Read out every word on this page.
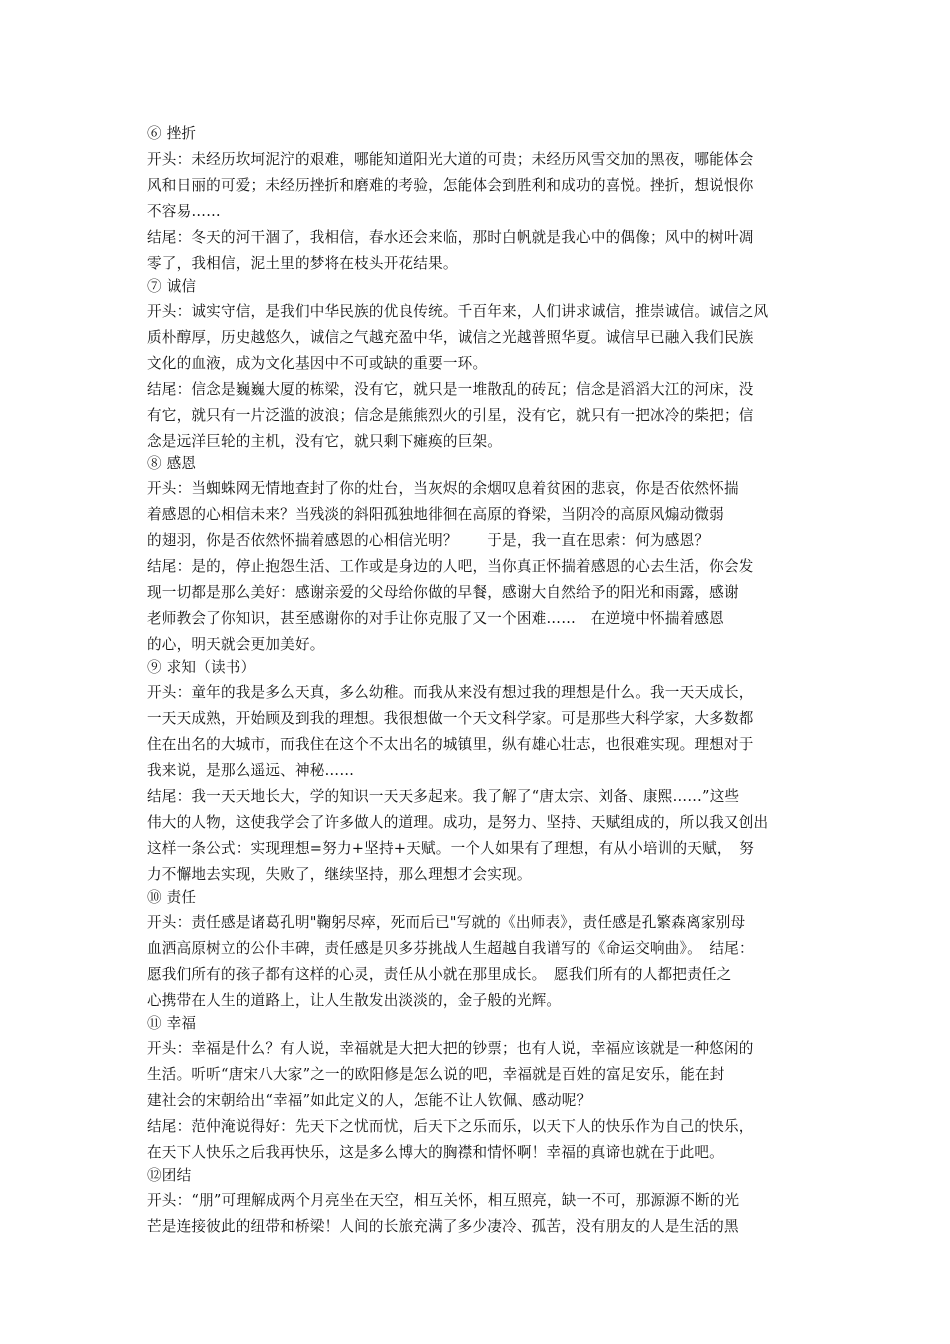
⑥ 挫折
开头：未经历坎坷泥泞的艰难，哪能知道阳光大道的可贵；未经历风雪交加的黑夜，哪能体会
风和日丽的可爱；未经历挫折和磨难的考验，怎能体会到胜利和成功的喜悦。挫折，想说恨你
不容易……
结尾：冬天的河干涸了，我相信，春水还会来临，那时白帆就是我心中的偶像；风中的树叶凋
零了，我相信，泥土里的梦将在枝头开花结果。
⑦ 诚信
开头：诚实守信，是我们中华民族的优良传统。千百年来，人们讲求诚信，推崇诚信。诚信之风
质朴醇厚，历史越悠久，诚信之气越充盈中华，诚信之光越普照华夏。诚信早已融入我们民族
文化的血液，成为文化基因中不可或缺的重要一环。
结尾：信念是巍巍大厦的栋梁，没有它，就只是一堆散乱的砖瓦；信念是滔滔大江的河床，没
有它，就只有一片泛滥的波浪；信念是熊熊烈火的引星，没有它，就只有一把冰冷的柴把；信
念是远洋巨轮的主机，没有它，就只剩下瘫痪的巨架。
⑧ 感恩
开头：当蜘蛛网无情地查封了你的灶台，当灰烬的余烟叹息着贫困的悲哀，你是否依然怀揣
着感恩的心相信未来？当残淡的斜阳孤独地徘徊在高原的脊梁，当阴冷的高原风煽动微弱
的翅羽，你是否依然怀揣着感恩的心相信光明？　　于是，我一直在思索：何为感恩？
结尾：是的，停止抱怨生活、工作或是身边的人吧，当你真正怀揣着感恩的心去生活，你会发
现一切都是那么美好：感谢亲爱的父母给你做的早餐，感谢大自然给予的阳光和雨露，感谢
老师教会了你知识，甚至感谢你的对手让你克服了又一个困难……　在逆境中怀揣着感恩
的心，明天就会更加美好。
⑨ 求知（读书）
开头：童年的我是多么天真，多么幼稚。而我从来没有想过我的理想是什么。我一天天成长，
一天天成熟，开始顾及到我的理想。我很想做一个天文科学家。可是那些大科学家，大多数都
住在出名的大城市，而我住在这个不太出名的城镇里，纵有雄心壮志，也很难实现。理想对于
我来说，是那么遥远、神秘……
结尾：我一天天地长大，学的知识一天天多起来。我了解了“唐太宗、刘备、康熙……”这些
伟大的人物，这使我学会了许多做人的道理。成功，是努力、坚持、天赋组成的，所以我又创出
这样一条公式：实现理想=努力+坚持+天赋。一个人如果有了理想，有从小培训的天赋，　努
力不懈地去实现，失败了，继续坚持，那么理想才会实现。
⑩ 责任
开头：责任感是诸葛孔明"鞠躬尽瘁，死而后已"写就的《出师表》，责任感是孔繁森离家别母
血洒高原树立的公仆丰碑，责任感是贝多芬挑战人生超越自我谱写的《命运交响曲》。　结尾：
愿我们所有的孩子都有这样的心灵，责任从小就在那里成长。　愿我们所有的人都把责任之
心携带在人生的道路上，让人生散发出淡淡的，金子般的光辉。
⑪ 幸福
开头：幸福是什么？有人说，幸福就是大把大把的钞票；也有人说，幸福应该就是一种悠闲的
生活。听听“唐宋八大家”之一的欧阳修是怎么说的吧，幸福就是百姓的富足安乐，能在封
建社会的宋朝给出“幸福”如此定义的人，怎能不让人钦佩、感动呢？
结尾：范仲淹说得好：先天下之忧而忧，后天下之乐而乐，以天下人的快乐作为自己的快乐，
在天下人快乐之后我再快乐，这是多么博大的胸襟和情怀啊！幸福的真谛也就在于此吧。
⑫团结
开头：“朋”可理解成两个月亮坐在天空，相互关怀，相互照亮，缺一不可，那源源不断的光
芒是连接彼此的纽带和桥梁！人间的长旅充满了多少凄冷、孤苦，没有朋友的人是生活的黑
